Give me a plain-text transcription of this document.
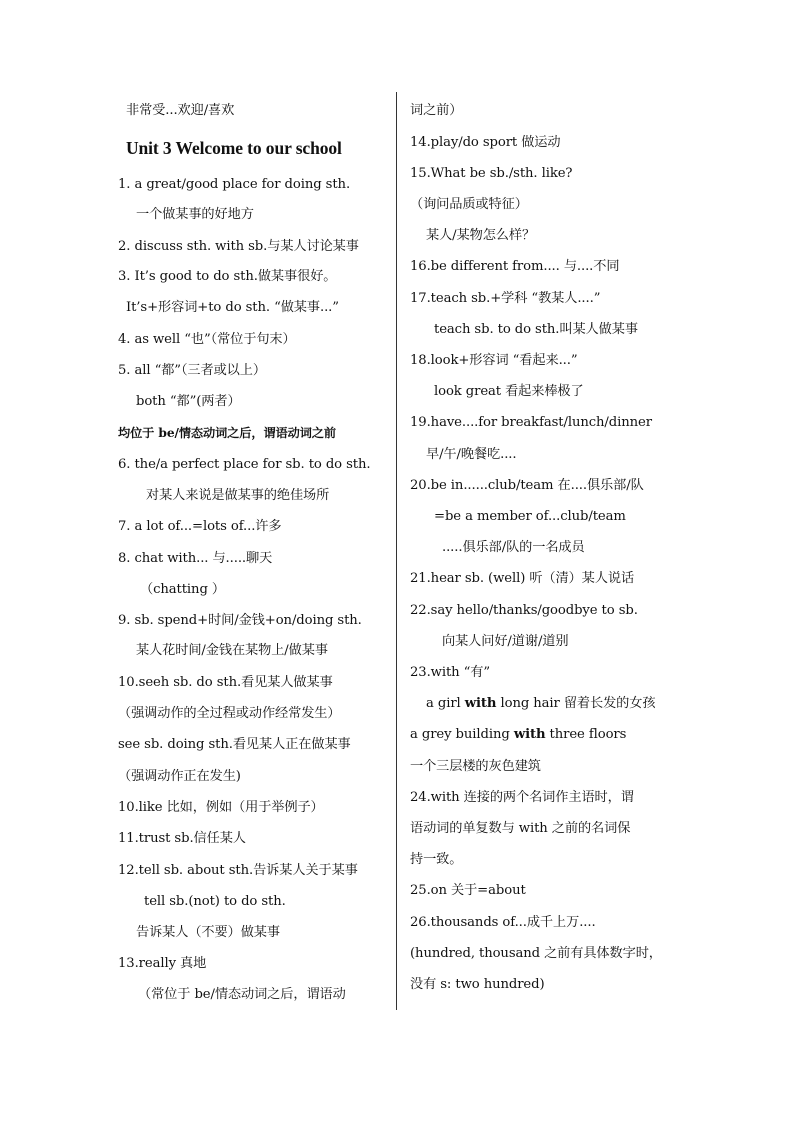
非常受...欢迎/喜欢
Unit 3 Welcome to our school
1. a great/good place for doing sth.
一个做某事的好地方
2. discuss sth. with sb.与某人讨论某事
3. It’s good to do sth.做某事很好。
It’s+形容词+to do sth. “做某事...”
4. as well “也”（常位于句末）
5. all “都”（三者或以上）
both “都”(两者）
均位于 be/情态动词之后，谓语动词之前
6. the/a perfect place for sb. to do sth.
对某人来说是做某事的绝佳场所
7. a lot of...=lots of...许多
8. chat with... 与.....聊天
（chatting ）
9. sb. spend+时间/金钱+on/doing sth.
某人花时间/金钱在某物上/做某事
10.seeh sb. do sth.看见某人做某事
（强调动作的全过程或动作经常发生）
see sb. doing sth.看见某人正在做某事
（强调动作正在发生)
10.like 比如，例如（用于举例子）
11.trust sb.信任某人
12.tell sb. about sth.告诉某人关于某事
tell sb.(not) to do sth.
告诉某人（不要）做某事
13.really 真地
（常位于 be/情态动词之后，谓语动
词之前）
14.play/do sport 做运动
15.What be sb./sth. like?
（询问品质或特征）
某人/某物怎么样？
16.be different from.... 与....不同
17.teach sb.+学科 “教某人....”
teach sb. to do sth.叫某人做某事
18.look+形容词 “看起来...”
look great 看起来棒极了
19.have....for breakfast/lunch/dinner
早/午/晚餐吃....
20.be in......club/team 在....俱乐部/队
=be a member of...club/team
.....俱乐部/队的一名成员
21.hear sb. (well) 听（清）某人说话
22.say hello/thanks/goodbye to sb.
向某人问好/道谢/道别
23.with “有”
a girl with long hair 留着长发的女孩
a grey building with three floors
一个三层楼的灰色建筑
24.with 连接的两个名词作主语时，谓
语动词的单复数与 with 之前的名词保
持一致。
25.on 关于=about
26.thousands of...成千上万....
(hundred, thousand 之前有具体数字时，
没有 s: two hundred)
